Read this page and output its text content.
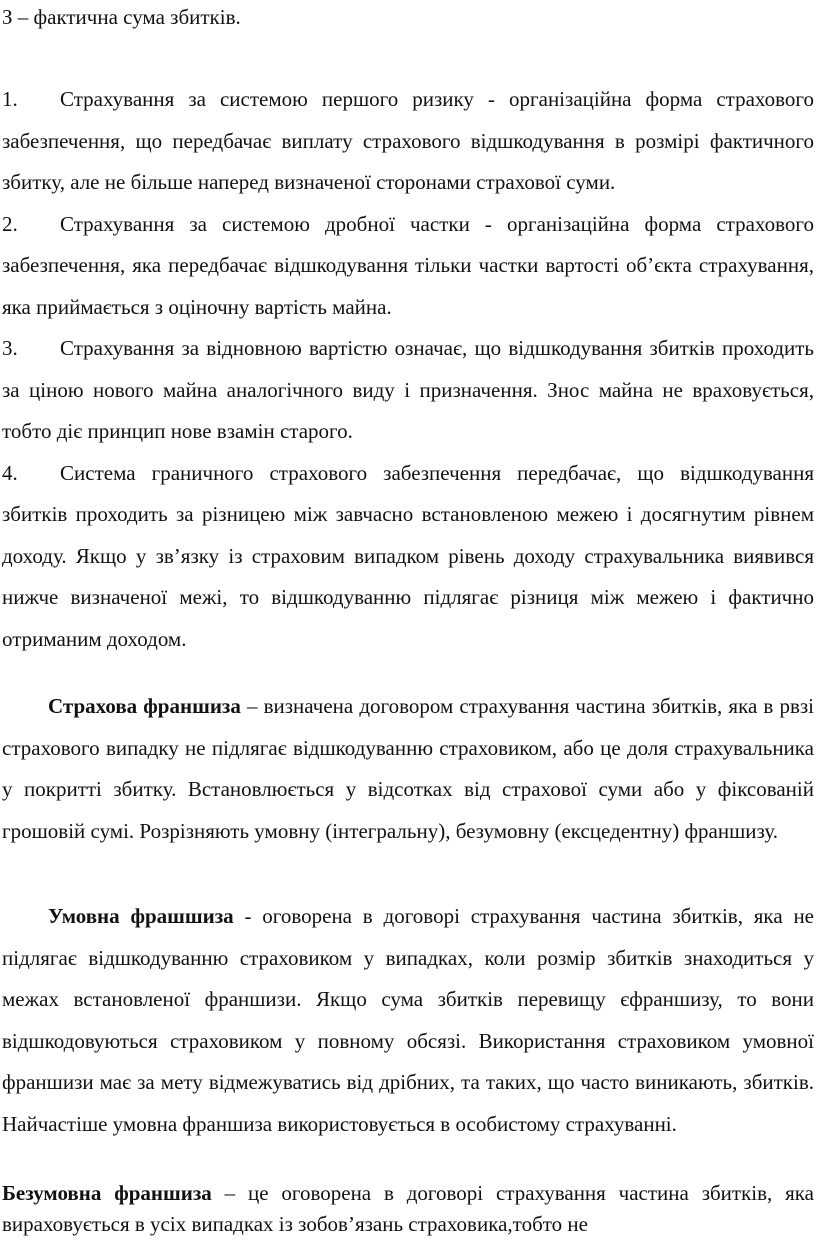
З – фактична сума збитків.

1. Страхування за системою першого ризику - організаційна форма страхового забезпечення, що передбачає виплату страхового відшкодування в розмірі фактичного збитку, але не більше наперед визначеної сторонами страхової суми.

2. Страхування за системою дробної частки - організаційна форма страхового забезпечення, яка передбачає відшкодування тільки частки вартості об’єкта страхування, яка приймається з оціночну вартість майна.

3. Страхування за відновною вартістю означає, що відшкодування збитків проходить за ціною нового майна аналогічного виду і призначення. Знос майна не враховується, тобто діє принцип нове взамін старого.

4. Система граничного страхового забезпечення передбачає, що відшкодування збитків проходить за різницею між завчасно встановленою межею і досягнутим рівнем доходу. Якщо у зв’язку із страховим випадком рівень доходу страхувальника виявився нижче визначеної межі, то відшкодуванню підлягає різниця між межею і фактично отриманим доходом.

Страхова франшиза – визначена договором страхування частина збитків, яка в рвзі страхового випадку не підлягає відшкодуванню страховиком, або це доля страхувальника у покритті збитку. Встановлюється у відсотках від страхової суми або у фіксованій грошовій сумі. Розрізняють умовну (інтегральну), безумовну (ексцедентну) франшизу.

Умовна фрашшиза - оговорена в договорі страхування частина збитків, яка не підлягає відшкодуванню страховиком у випадках, коли розмір збитків знаходиться у межах встановленої франшизи. Якщо сума збитків перевищу єфраншизу, то вони відшкодовуються страховиком у повному обсязі. Використання страховиком умовної франшизи має за мету відмежуватись від дрібних, та таких, що часто виникають, збитків. Найчастіше умовна франшиза використовується в особистому страхуванні.

Безумовна франшиза – це оговорена в договорі страхування частина збитків, яка вираховується в усіх випадках із зобов’язань страховика,тобто не
